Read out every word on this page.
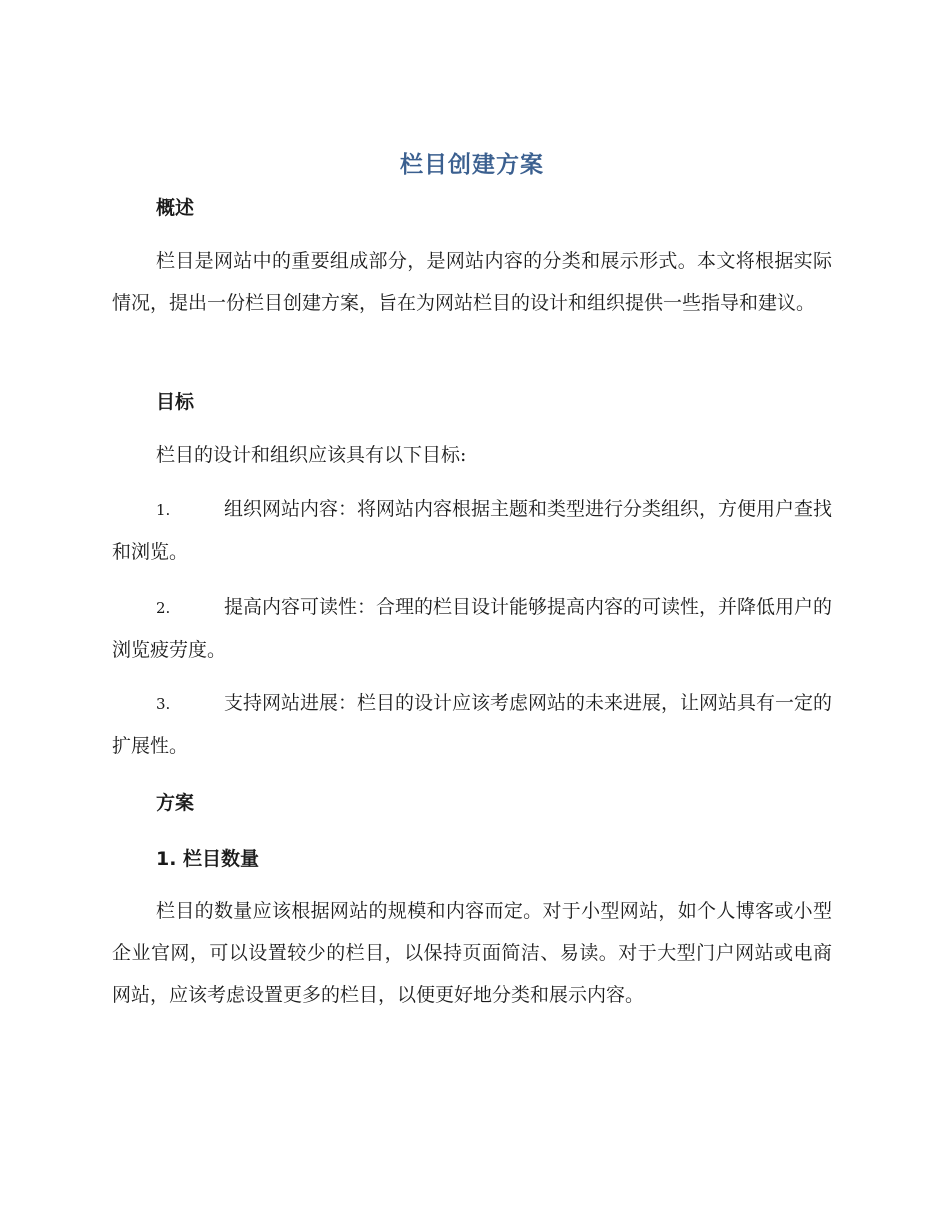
栏目创建方案
概述

栏目是网站中的重要组成部分，是网站内容的分类和展示形式。本文将根据实际情况，提出一份栏目创建方案，旨在为网站栏目的设计和组织提供一些指导和建议。

目标

栏目的设计和组织应该具有以下目标:

1.	组织网站内容：将网站内容根据主题和类型进行分类组织，方便用户查找和浏览。

2.	提高内容可读性：合理的栏目设计能够提高内容的可读性，并降低用户的浏览疲劳度。

3.	支持网站进展：栏目的设计应该考虑网站的未来进展，让网站具有一定的扩展性。

方案
1. 栏目数量

栏目的数量应该根据网站的规模和内容而定。对于小型网站，如个人博客或小型企业官网，可以设置较少的栏目，以保持页面简洁、易读。对于大型门户网站或电商网站，应该考虑设置更多的栏目，以便更好地分类和展示内容。
